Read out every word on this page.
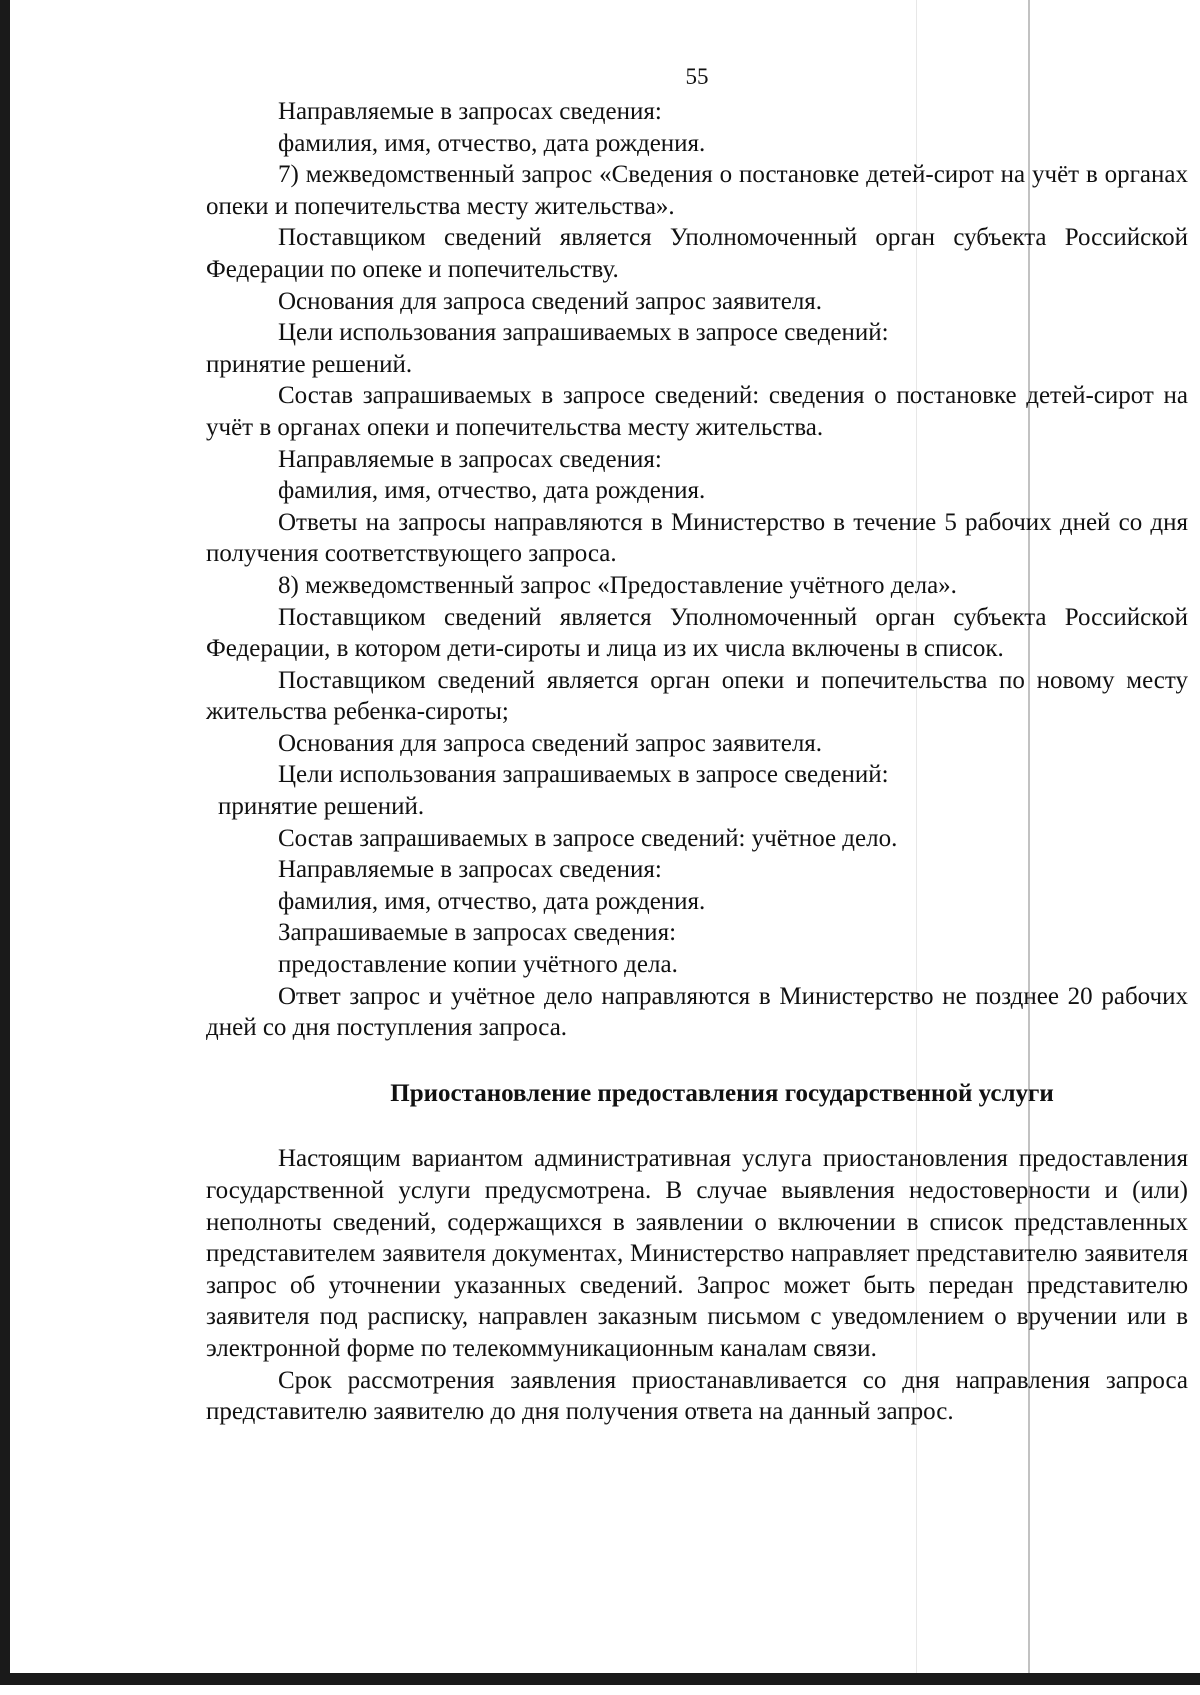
55
Направляемые в запросах сведения:
фамилия, имя, отчество, дата рождения.

7) межведомственный запрос «Сведения о постановке детей-сирот на учёт в органах опеки и попечительства месту жительства».

Поставщиком сведений является Уполномоченный орган субъекта Российской Федерации по опеке и попечительству.

Основания для запроса сведений запрос заявителя.
Цели использования запрашиваемых в запросе сведений:
принятие решений.

Состав запрашиваемых в запросе сведений: сведения о постановке детей-сирот на учёт в органах опеки и попечительства месту жительства.

Направляемые в запросах сведения:
фамилия, имя, отчество, дата рождения.

Ответы на запросы направляются в Министерство в течение 5 рабочих дней со дня получения соответствующего запроса.

8) межведомственный запрос «Предоставление учётного дела».

Поставщиком сведений является Уполномоченный орган субъекта Российской Федерации, в котором дети-сироты и лица из их числа включены в список.

Поставщиком сведений является орган опеки и попечительства по новому месту жительства ребенка-сироты;

Основания для запроса сведений запрос заявителя.
Цели использования запрашиваемых в запросе сведений:
принятие решений.
Состав запрашиваемых в запросе сведений: учётное дело.
Направляемые в запросах сведения:
фамилия, имя, отчество, дата рождения.
Запрашиваемые в запросах сведения:
предоставление копии учётного дела.

Ответ запрос и учётное дело направляются в Министерство не позднее 20 рабочих дней со дня поступления запроса.

Приостановление предоставления государственной услуги

Настоящим вариантом административная услуга приостановления предоставления государственной услуги предусмотрена. В случае выявления недостоверности и (или) неполноты сведений, содержащихся в заявлении о включении в список представленных представителем заявителя документах, Министерство направляет представителю заявителя запрос об уточнении указанных сведений. Запрос может быть передан представителю заявителя под расписку, направлен заказным письмом с уведомлением о вручении или в электронной форме по телекоммуникационным каналам связи.

Срок рассмотрения заявления приостанавливается со дня направления запроса представителю заявителю до дня получения ответа на данный запрос.
